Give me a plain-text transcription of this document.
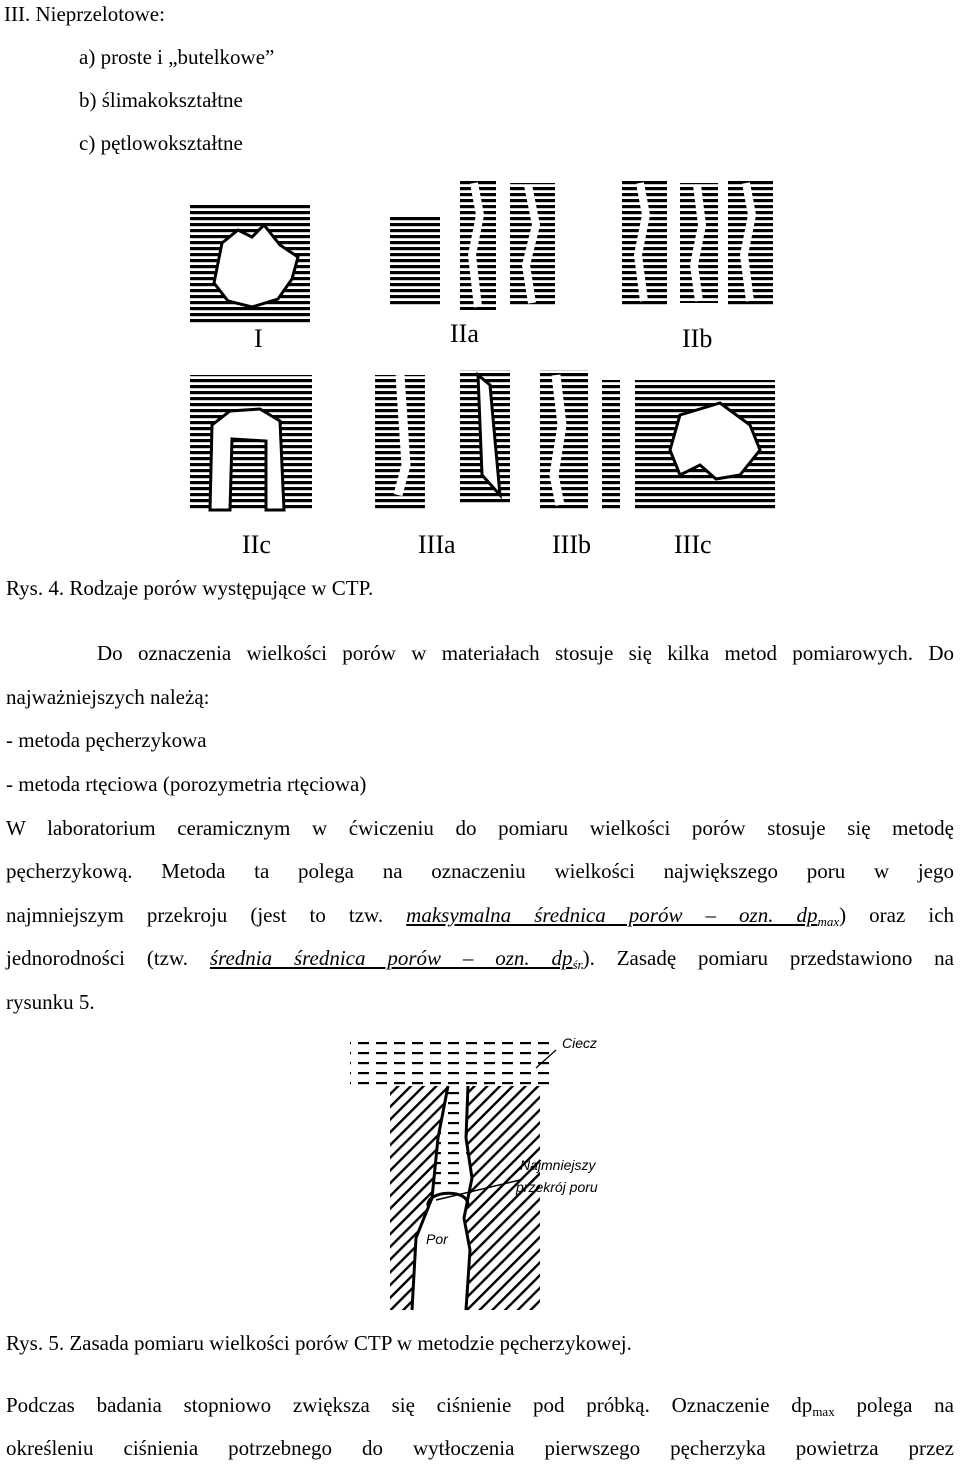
III. Nieprzelotowe:
a) proste i „butelkowe”
b) ślimakokształtne
c) pętlowokształtne
I	IIa	IIb
IIc	IIIa	IIIb	IIIc
Rys. 4. Rodzaje porów występujące w CTP.
Do oznaczenia wielkości porów w materiałach stosuje się kilka metod pomiarowych. Do
najważniejszych należą:
- metoda pęcherzykowa
- metoda rtęciowa (porozymetria rtęciowa)
W laboratorium ceramicznym w ćwiczeniu do pomiaru wielkości porów stosuje się metodę
pęcherzykową. Metoda ta polega na oznaczeniu wielkości największego poru w jego
najmniejszym przekroju (jest to tzw. maksymalna średnica porów – ozn. $dp_{max}$) oraz ich
jednorodności (tzw. średnia średnica porów – ozn. $dp_{śr}$). Zasadę pomiaru przedstawiono na
rysunku 5.
Ciecz
Najmniejszy
przekrój poru
Por
Rys. 5. Zasada pomiaru wielkości porów CTP w metodzie pęcherzykowej.
Podczas badania stopniowo zwiększa się ciśnienie pod próbką. Oznaczenie $dp_{max}$ polega na
określeniu ciśnienia potrzebnego do wytłoczenia pierwszego pęcherzyka powietrza przez
